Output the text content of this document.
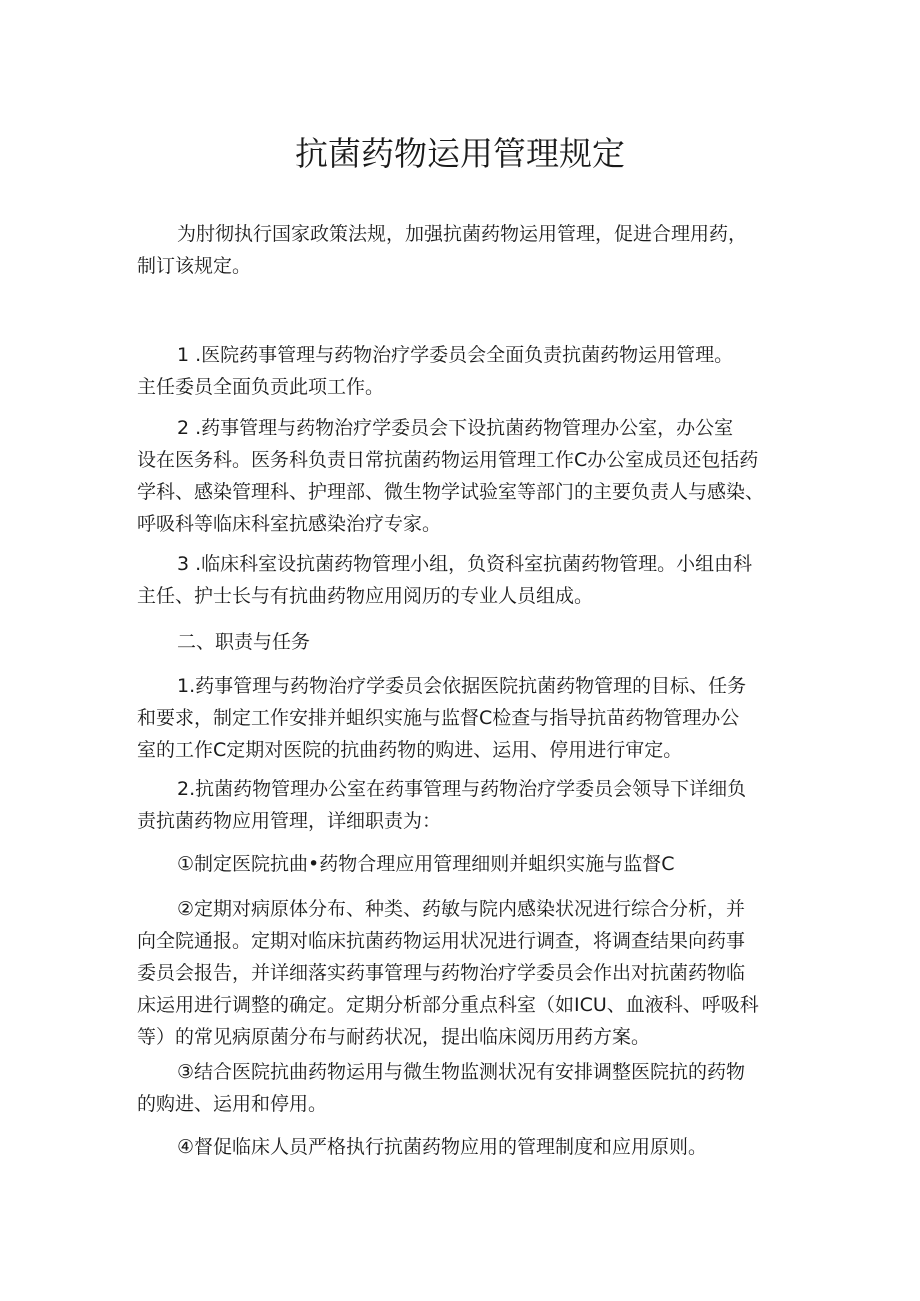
抗菌药物运用管理规定

为肘彻执行国家政策法规，加强抗菌药物运用管理，促进合理用药，
制订该规定。

1 .医院药事管理与药物治疗学委员会全面负责抗菌药物运用管理。
主任委员全面负贡此项工作。

2 .药事管理与药物治疗学委员会下设抗菌药物管理办公室，办公室
设在医务科。医务科负责日常抗菌药物运用管理工作C办公室成员还包括药
学科、感染管理科、护理部、微生物学试验室等部门的主要负责人与感染、
呼吸科等临床科室抗感染治疗专家。

3 .临床科室设抗菌药物管理小组，负资科室抗菌药物管理。小组由科
主任、护士长与有抗曲药物应用阅历的专业人员组成。

二、职责与任务

1.药事管理与药物治疗学委员会依据医院抗菌药物管理的目标、任务
和要求，制定工作安排并蛆织实施与监督C检查与指导抗苗药物管理办公
室的工作C定期对医院的抗曲药物的购进、运用、停用进行审定。

2.抗菌药物管理办公室在药事管理与药物治疗学委员会领导下详细负
责抗菌药物应用管理，详细职责为：

①制定医院抗曲•药物合理应用管理细则并蛆织实施与监督C

②定期对病原体分布、种类、药敏与院内感染状况进行综合分析，并
向全院通报。定期对临床抗菌药物运用状况进行调查，将调查结果向药事
委员会报告，并详细落实药事管理与药物治疗学委员会作出对抗菌药物临
床运用进行调整的确定。定期分析部分重点科室（如ICU、血液科、呼吸科
等）的常见病原菌分布与耐药状况，提出临床阅历用药方案。

③结合医院抗曲药物运用与微生物监测状况有安排调整医院抗的药物
的购进、运用和停用。

④督促临床人员严格执行抗菌药物应用的管理制度和应用原则。
